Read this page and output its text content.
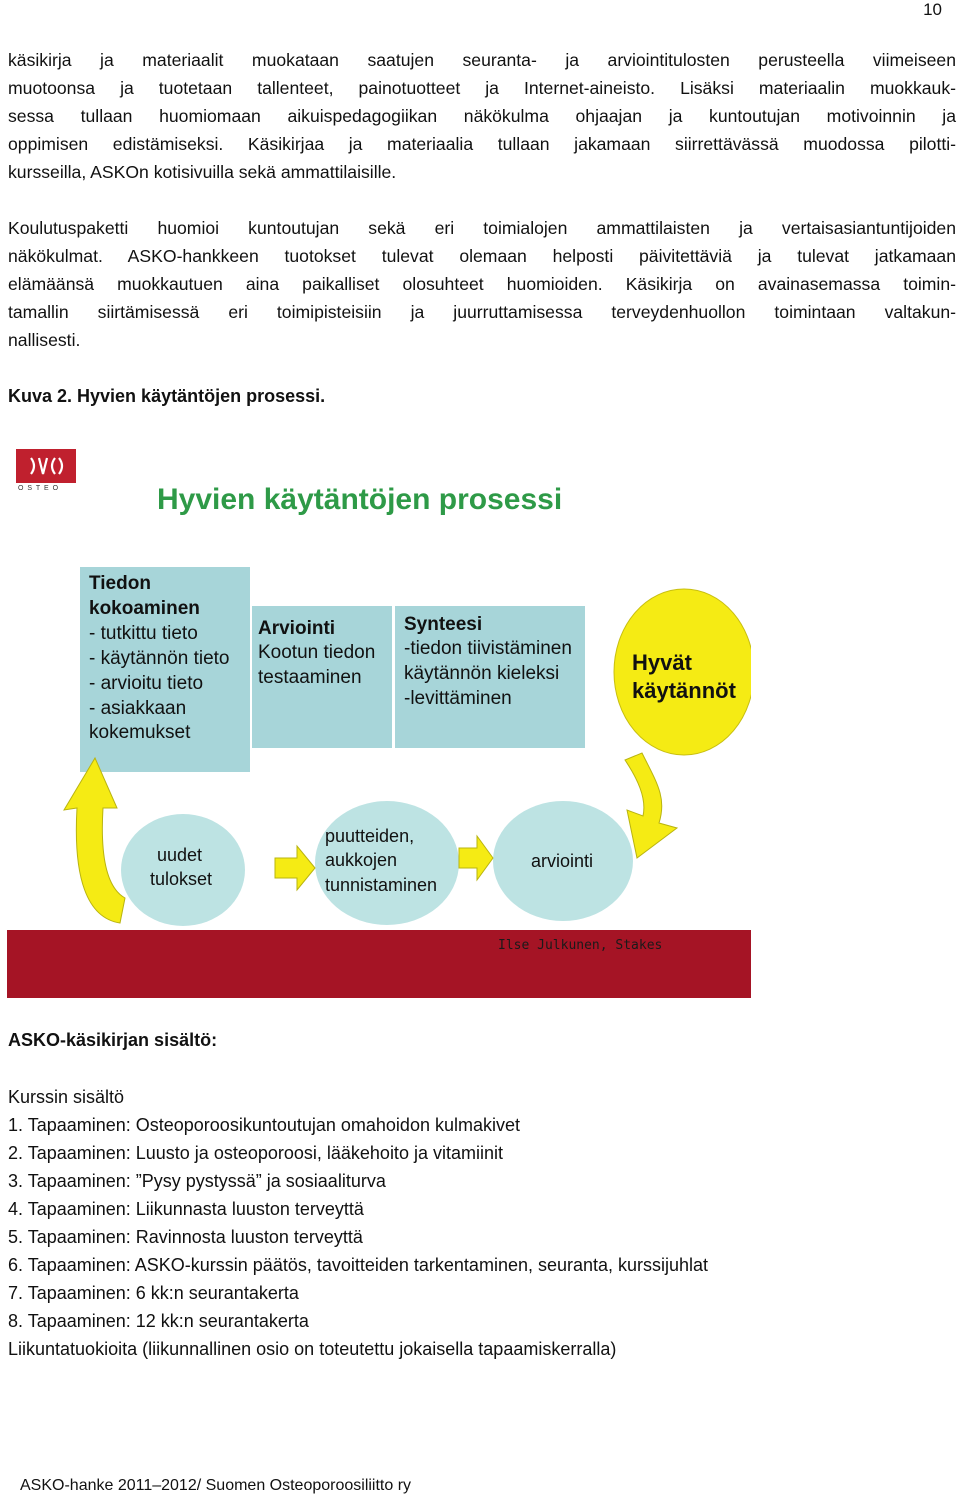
10
käsikirja ja materiaalit muokataan saatujen seuranta- ja arviointitulosten perusteella viimeiseen
muotoonsa ja tuotetaan tallenteet, painotuotteet ja Internet-aineisto. Lisäksi materiaalin muokkauk-
sessa tullaan huomiomaan aikuispedagogiikan näkökulma ohjaajan ja kuntoutujan motivoinnin ja
oppimisen edistämiseksi. Käsikirjaa ja materiaalia tullaan jakamaan siirrettävässä muodossa pilotti-
kursseilla, ASKOn kotisivuilla sekä ammattilaisille.
Koulutuspaketti huomioi kuntoutujan sekä eri toimialojen ammattilaisten ja vertaisasiantuntijoiden
näkökulmat. ASKO-hankkeen tuotokset tulevat olemaan helposti päivitettäviä ja tulevat jatkamaan
elämäänsä muokkautuen aina paikalliset olosuhteet huomioiden. Käsikirja on avainasemassa toimin-
tamallin siirtämisessä eri toimipisteisiin ja juurruttamisessa terveydenhuollon toimintaan valtakun-
nallisesti.
Kuva 2. Hyvien käytäntöjen prosessi.
O S T E O	Hyvien käytäntöjen prosessi
Tiedon
kokoaminen
- tutkittu tieto
- käytännön tieto
- arvioitu tieto
- asiakkaan
kokemukset
Arviointi
Kootun tiedon
testaaminen
Synteesi
-tiedon tiivistäminen
käytännön kieleksi
-levittäminen
Hyvät
käytännöt
uudet
tulokset
puutteiden,
aukkojen
tunnistaminen
arviointi
Ilse Julkunen, Stakes
ASKO-käsikirjan sisältö:
Kurssin sisältö
1. Tapaaminen: Osteoporoosikuntoutujan omahoidon kulmakivet
2. Tapaaminen: Luusto ja osteoporoosi, lääkehoito ja vitamiinit
3. Tapaaminen: ”Pysy pystyssä” ja sosiaaliturva
4. Tapaaminen: Liikunnasta luuston terveyttä
5. Tapaaminen: Ravinnosta luuston terveyttä
6. Tapaaminen: ASKO-kurssin päätös, tavoitteiden tarkentaminen, seuranta, kurssijuhlat
7. Tapaaminen: 6 kk:n seurantakerta
8. Tapaaminen: 12 kk:n seurantakerta
Liikuntatuokioita (liikunnallinen osio on toteutettu jokaisella tapaamiskerralla)
ASKO-hanke 2011–2012/ Suomen Osteoporoosiliitto ry
